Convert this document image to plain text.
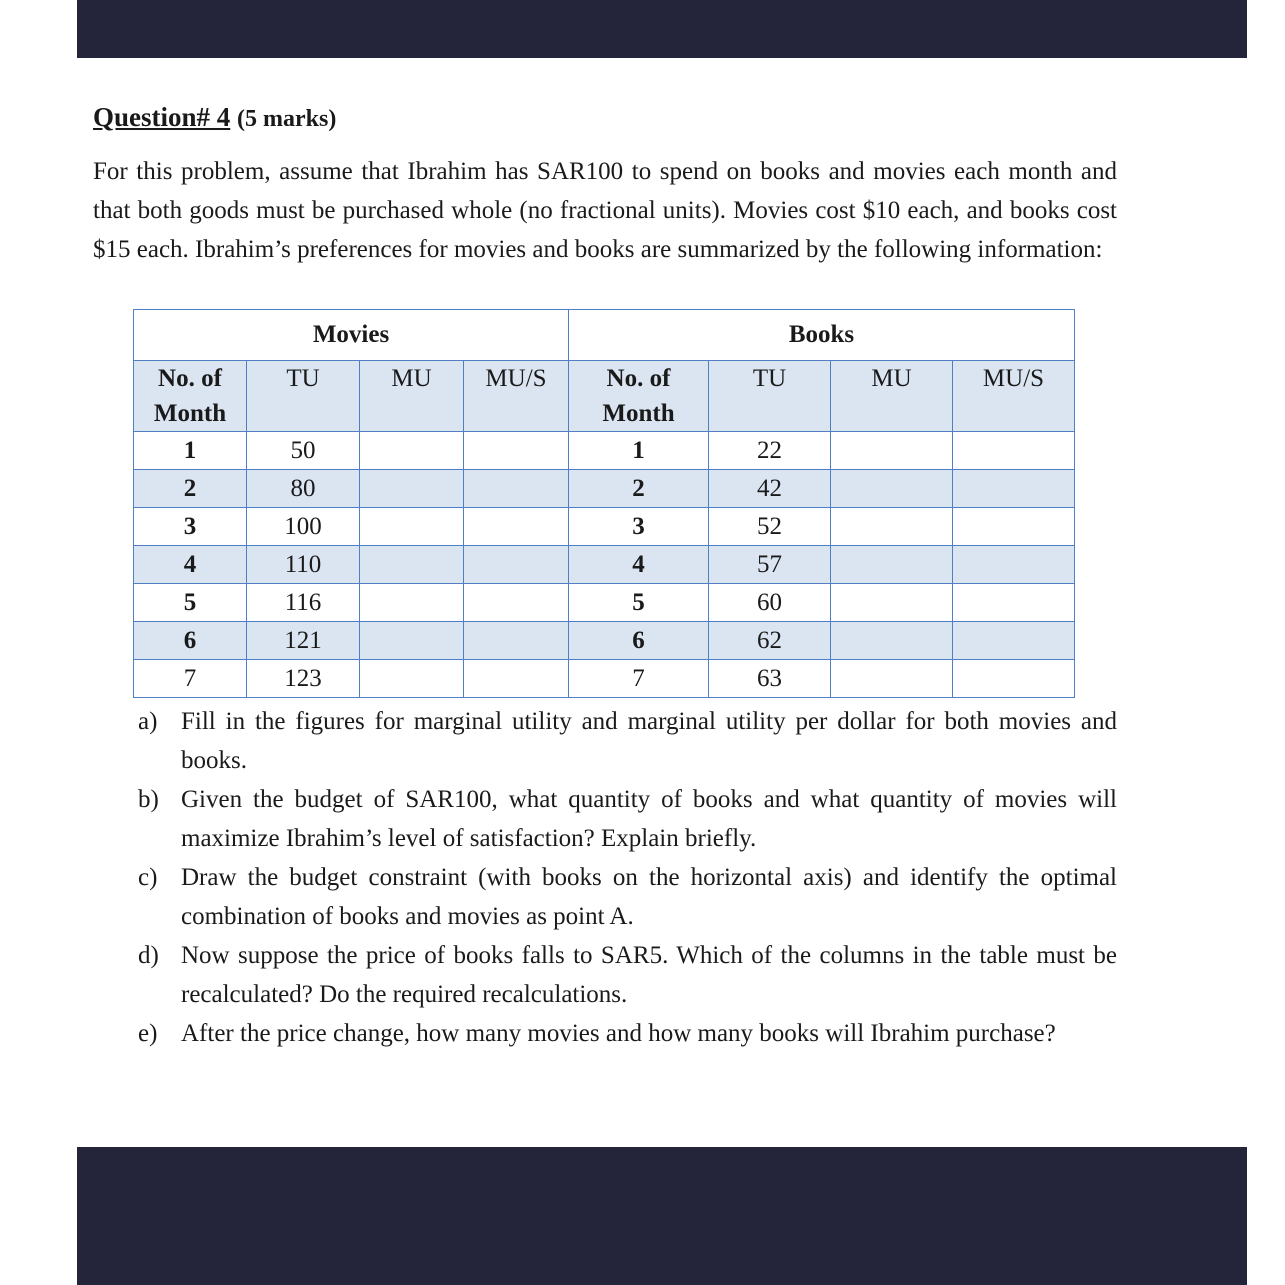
Question# 4 (5 marks)

For this problem, assume that Ibrahim has SAR100 to spend on books and movies each month and that both goods must be purchased whole (no fractional units). Movies cost $10 each, and books cost $15 each. Ibrahim’s preferences for movies and books are summarized by the following information:

Movies				Books			
No. of Month	TU	MU	MU/S	No. of Month	TU	MU	MU/S
1	50			1	22		
2	80			2	42		
3	100			3	52		
4	110			4	57		
5	116			5	60		
6	121			6	62		
7	123			7	63		
a) Fill in the figures for marginal utility and marginal utility per dollar for both movies and books.
b) Given the budget of SAR100, what quantity of books and what quantity of movies will maximize Ibrahim’s level of satisfaction? Explain briefly.
c) Draw the budget constraint (with books on the horizontal axis) and identify the optimal combination of books and movies as point A.
d) Now suppose the price of books falls to SAR5. Which of the columns in the table must be recalculated? Do the required recalculations.
e) After the price change, how many movies and how many books will Ibrahim purchase?
